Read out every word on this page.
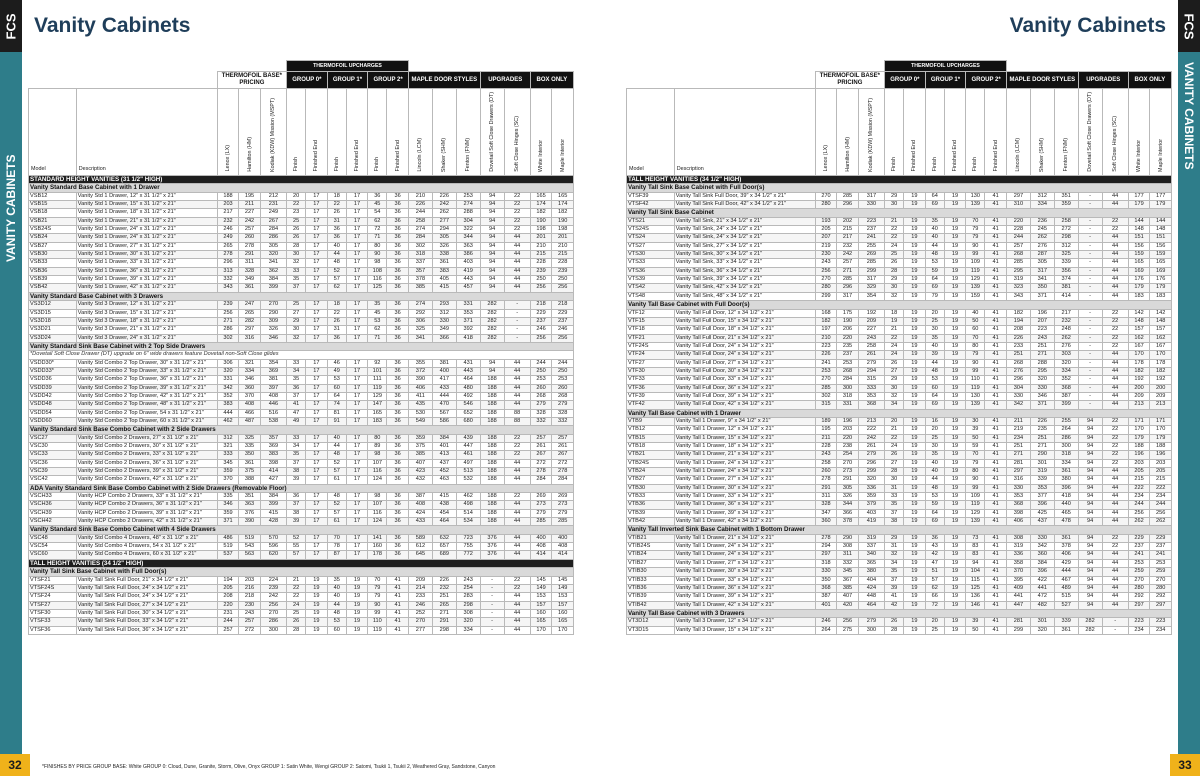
FCS
VANITY CABINETS
32
Vanity Cabinets
					THERMOFOIL UPCHARGES												
		THERMOFOIL BASE* PRICING			GROUP 0*		GROUP 1*		GROUP 2*		MAPLE DOOR STYLES			UPGRADES		BOX ONLY	
Model	Description	Lenox (LX)	Hamilton (HM)	Kodiak (KDW) Mission (MSPT)	Finish	Finished End	Finish	Finished End	Finish	Finished End	Lincoln (LCM)	Shaker (SHM)	Fenton (FNM)	Dovetail Soft Close Drawers (DT)	Soft Close Hinges (SC)	White Interior	Maple Interior
STANDARD HEIGHT VANITIES (31 1/2" HIGH)																	
Vanity Standard Base Cabinet with 1 Drawer																	
VSB12	Vanity Std 1 Drawer, 12" x 31 1/2" x 21"	188	195	212	20	17	18	17	36	36	210	226	253	94	22	165	165
VSB15	Vanity Std 1 Drawer, 15" x 31 1/2" x 21"	203	211	231	22	17	22	17	45	36	226	242	274	94	22	174	174
VSB18	Vanity Std 1 Drawer, 18" x 31 1/2" x 21"	217	227	249	23	17	26	17	54	36	244	262	288	94	22	182	182
VSB21	Vanity Std 1 Drawer, 21" x 31 1/2" x 21"	232	242	267	25	17	31	17	62	36	258	277	304	94	22	190	190
VSB24S	Vanity Std 1 Drawer, 24" x 31 1/2" x 21"	246	257	284	26	17	36	17	72	36	274	294	322	94	22	198	198
VSB24	Vanity Std 1 Drawer, 24" x 31 1/2" x 21"	249	260	286	26	17	36	17	71	36	284	305	344	94	44	201	201
VSB27	Vanity Std 1 Drawer, 27" x 31 1/2" x 21"	265	278	305	28	17	40	17	80	36	302	326	363	94	44	210	210
VSB30	Vanity Std 1 Drawer, 30" x 31 1/2" x 21"	278	291	320	30	17	44	17	90	36	318	338	386	94	44	215	215
VSB33	Vanity Std 1 Drawer, 33" x 31 1/2" x 21"	296	311	341	32	17	48	17	98	36	337	361	403	94	44	228	228
VSB36	Vanity Std 1 Drawer, 36" x 31 1/2" x 21"	313	328	362	33	17	52	17	108	36	357	383	419	94	44	239	239
VSB39	Vanity Std 1 Drawer, 39" x 31 1/2" x 21"	332	349	384	35	17	57	17	116	36	378	405	443	94	44	250	250
VSB42	Vanity Std 1 Drawer, 42" x 31 1/2" x 21"	343	361	399	37	17	62	17	125	36	385	415	457	94	44	256	256
Vanity Standard Base Cabinet with 3 Drawers																	
VS3D12	Vanity Std 3 Drawer, 12" x 31 1/2" x 21"	239	247	270	25	17	18	17	35	36	274	293	331	282	-	218	218
VS3D15	Vanity Std 3 Drawer, 15" x 31 1/2" x 21"	256	265	290	27	17	22	17	45	36	292	312	353	282	-	229	229
VS3D18	Vanity Std 3 Drawer, 18" x 31 1/2" x 21"	271	282	309	29	17	26	17	53	36	306	330	371	282	-	237	237
VS3D21	Vanity Std 3 Drawer, 21" x 31 1/2" x 21"	286	297	326	30	17	31	17	62	36	325	349	392	282	-	246	246
VS3D24	Vanity Std 3 Drawer, 24" x 31 1/2" x 21"	302	316	346	32	17	36	17	71	36	341	366	418	282	-	256	256
Vanity Standard Sink Base Cabinet with 2 Top Side Drawers																	
*Dovetail Soft Close Drawer (DT) upgrade on 6" wide drawers feature Dovetail non-Soft Close glides																	
VSDD30*	Vanity Std Combo 2 Top Drawer, 30" x 31 1/2" x 21"	306	321	354	33	17	46	17	92	36	355	381	431	94	44	244	244
VSDD33*	Vanity Std Combo 2 Top Drawer, 33" x 31 1/2" x 21"	320	334	369	34	17	49	17	101	36	372	400	443	94	44	250	250
VSDD36	Vanity Std Combo 2 Top Drawer, 36" x 31 1/2" x 21"	331	346	381	35	17	53	17	111	36	390	417	464	188	44	253	253
VSDD39	Vanity Std Combo 2 Top Drawer, 39" x 31 1/2" x 21"	342	360	397	36	17	60	17	119	36	406	433	480	188	44	260	260
VSDD42	Vanity Std Combo 2 Top Drawer, 42" x 31 1/2" x 21"	352	370	408	37	17	64	17	129	36	411	444	492	188	44	268	268
VSDD48	Vanity Std Combo 2 Top Drawer, 48" x 31 1/2" x 21"	383	408	446	41	17	74	17	147	36	435	470	546	188	44	279	279
VSDD54	Vanity Std Combo 2 Top Drawer, 54 x 31 1/2" x 21"	444	466	516	47	17	81	17	165	36	530	567	652	188	88	328	328
VSDD60	Vanity Std Combo 2 Top Drawer, 60 x 31 1/2" x 21"	462	487	538	49	17	91	17	183	36	549	586	680	188	88	332	332
Vanity Standard Sink Base Combo Cabinet with 2 Side Drawers																	
VSC27	Vanity Std Combo 2 Drawers, 27" x 31 1/2" x 21"	312	325	357	33	17	40	17	80	36	359	384	439	188	22	257	257
VSC30	Vanity Std Combo 2 Drawers, 30" x 31 1/2" x 21"	321	335	369	34	17	44	17	89	36	375	401	447	188	22	261	261
VSC33	Vanity Std Combo 2 Drawers, 33" x 31 1/2" x 21"	333	350	383	35	17	48	17	98	36	385	413	461	188	22	267	267
VSC36	Vanity Std Combo 2 Drawers, 36" x 31 1/2" x 21"	345	361	398	37	17	52	17	107	36	407	437	497	188	44	272	272
VSC39	Vanity Std Combo 2 Drawers, 39" x 31 1/2" x 21"	359	375	414	38	17	57	17	116	36	423	452	513	188	44	278	278
VSC42	Vanity Std Combo 2 Drawers, 42" x 31 1/2" x 21"	370	388	427	39	17	61	17	124	36	432	463	532	188	44	284	284
ADA Vanity Standard Sink Base Combo Cabinet with 2 Side Drawers (Removable Floor)																	
VSCH33	Vanity HCP Combo 2 Drawers, 33" x 31 1/2" x 21"	335	351	384	36	17	48	17	98	36	387	415	462	188	22	269	269
VSCH36	Vanity HCP Combo 2 Drawers, 36" x 31 1/2" x 21"	346	363	399	37	17	52	17	107	36	408	438	498	188	44	273	273
VSCH39	Vanity HCP Combo 2 Drawers, 39" x 31 1/2" x 21"	359	376	415	38	17	57	17	116	36	424	454	514	188	44	279	279
VSCH42	Vanity HCP Combo 2 Drawers, 42" x 31 1/2" x 21"	371	390	428	39	17	61	17	124	36	433	464	534	188	44	285	285
Vanity Standard Sink Base Combo Cabinet with 4 Side Drawers																	
VSC48	Vanity Std Combo 4 Drawers, 48" x 31 1/2" x 21"	486	519	570	52	17	70	17	141	36	589	632	723	376	44	400	400
VSC54	Vanity Std Combo 4 Drawers, 54 x 31 1/2" x 21"	519	543	596	55	17	78	17	160	36	612	657	755	376	44	408	408
VSC60	Vanity Std Combo 4 Drawers, 60 x 31 1/2" x 21"	537	563	620	57	17	87	17	178	36	645	689	772	376	44	414	414
TALL HEIGHT VANITIES (34 1/2" HIGH)																	
Vanity Tall Sink Base Cabinet with Full Door(s)																	
VTSF21	Vanity Tall Sink Full Door, 21" x 34 1/2" x 21"	194	203	224	21	19	35	19	70	41	209	226	243	-	22	145	145
VTSF24S	Vanity Tall Sink Full Door, 24" x 34 1/2" x 21"	205	216	239	22	19	40	19	79	41	214	232	254	-	22	149	149
VTSF24	Vanity Tall Sink Full Door, 24" x 34 1/2" x 21"	208	218	242	22	19	40	19	79	41	233	251	283	-	44	153	153
VTSF27	Vanity Tall Sink Full Door, 27" x 34 1/2" x 21"	220	230	256	24	19	44	19	90	41	246	265	298	-	44	157	157
VTSF30	Vanity Tall Sink Full Door, 30" x 34 1/2" x 21"	231	243	270	25	19	48	19	99	41	252	271	308	-	44	160	160
VTSF33	Vanity Tall Sink Full Door, 33" x 34 1/2" x 21"	244	257	286	26	19	53	19	110	41	270	291	320	-	44	165	165
VTSF36	Vanity Tall Sink Full Door, 36" x 34 1/2" x 21"	257	272	300	28	19	60	19	119	41	277	298	334	-	44	170	170
*FINISHES BY PRICE GROUP BASE: White GROUP 0: Cloud, Dune, Granite, Storm, Olive, Onyx GROUP 1: Satin White, Wengi GROUP 2: Satomi, Tsukii 1, Tsukii 2, Weathered Gray, Sandstone, Canyon
FCS
VANITY CABINETS
33
Vanity Cabinets
					THERMOFOIL UPCHARGES												
		THERMOFOIL BASE* PRICING			GROUP 0*		GROUP 1*		GROUP 2*		MAPLE DOOR STYLES			UPGRADES		BOX ONLY	
Model	Description	Lenox (LX)	Hamilton (HM)	Kodiak (KDW) Mission (MSPT)	Finish	Finished End	Finish	Finished End	Finish	Finished End	Lincoln (LCM)	Shaker (SHM)	Fenton (FNM)	Dovetail Soft Close Drawers (DT)	Soft Close Hinges (SC)	White Interior	Maple Interior
TALL HEIGHT VANITIES (34 1/2" HIGH)																	
Vanity Tall Sink Base Cabinet with Full Door(s)																	
VTSF39	Vanity Tall Sink Full Door, 39" x 34 1/2" x 21"	270	285	317	29	19	64	19	130	41	297	312	351	-	44	177	177
VTSF42	Vanity Tall Sink Full Door, 42" x 34 1/2" x 21"	280	296	330	30	19	69	19	139	41	310	334	359	-	44	179	179
Vanity Tall Sink Base Cabinet																	
VTS21	Vanity Tall Sink, 21" x 34 1/2" x 21"	193	202	223	21	19	35	19	70	41	220	236	258	-	22	144	144
VTS24S	Vanity Tall Sink, 24" x 34 1/2" x 21"	205	215	237	22	19	40	19	79	41	228	245	272	-	22	148	148
VTS24	Vanity Tall Sink, 24" x 34 1/2" x 21"	207	217	241	22	19	40	19	79	41	244	262	298	-	44	151	151
VTS27	Vanity Tall Sink, 27" x 34 1/2" x 21"	219	232	255	24	19	44	19	90	41	257	276	312	-	44	156	156
VTS30	Vanity Tall Sink, 30" x 34 1/2" x 21"	230	242	269	25	19	48	19	99	41	268	287	325	-	44	159	159
VTS33	Vanity Tall Sink, 33" x 34 1/2" x 21"	243	257	285	26	19	53	19	109	41	285	305	339	-	44	165	165
VTS36	Vanity Tall Sink, 36" x 34 1/2" x 21"	256	271	299	28	19	59	19	119	41	295	317	356	-	44	169	169
VTS39	Vanity Tall Sink, 39" x 34 1/2" x 21"	270	285	317	29	19	64	19	129	41	319	341	374	-	44	176	176
VTS42	Vanity Tall Sink, 42" x 34 1/2" x 21"	280	296	329	30	19	69	19	139	41	323	350	381	-	44	179	179
VTS48	Vanity Tall Sink, 48" x 34 1/2" x 21"	299	317	354	32	19	79	19	159	41	343	371	414	-	44	183	183
Vanity Tall Base Cabinet with Full Door(s)																	
VTF12	Vanity Tall Full Door, 12" x 34 1/2" x 21"	168	175	192	18	19	20	19	40	41	182	196	217	-	22	142	142
VTF15	Vanity Tall Full Door, 15" x 34 1/2" x 21"	182	190	209	19	19	25	19	50	41	194	207	232	-	22	148	148
VTF18	Vanity Tall Full Door, 18" x 34 1/2" x 21"	197	206	227	21	19	30	19	60	41	208	223	248	-	22	157	157
VTF21	Vanity Tall Full Door, 21" x 34 1/2" x 21"	210	220	243	22	19	35	19	70	41	226	243	262	-	22	162	162
VTF24S	Vanity Tall Full Door, 24" x 34 1/2" x 21"	223	235	258	24	19	40	19	80	41	233	251	276	-	22	167	167
VTF24	Vanity Tall Full Door, 24" x 34 1/2" x 21"	226	237	261	24	19	39	19	79	41	251	271	303	-	44	170	170
VTF27	Vanity Tall Full Door, 27" x 34 1/2" x 21"	241	253	279	26	19	44	19	90	41	268	288	320	-	44	178	178
VTF30	Vanity Tall Full Door, 30" x 34 1/2" x 21"	253	268	294	27	19	48	19	99	41	276	295	334	-	44	182	182
VTF33	Vanity Tall Full Door, 33" x 34 1/2" x 21"	270	284	315	29	19	53	19	110	41	296	320	352	-	44	192	192
VTF36	Vanity Tall Full Door, 36" x 34 1/2" x 21"	285	300	333	30	19	60	19	119	41	304	330	368	-	44	200	200
VTF39	Vanity Tall Full Door, 39" x 34 1/2" x 21"	302	318	353	32	19	64	19	130	41	330	346	387	-	44	209	209
VTF42	Vanity Tall Full Door, 42" x 34 1/2" x 21"	315	331	368	34	19	69	19	139	41	342	371	399	-	44	213	213
Vanity Tall Base Cabinet with 1 Drawer																	
VTB9	Vanity Tall 1 Drawer, 9" x 34 1/2" x 21"	189	196	213	20	19	16	19	30	41	211	226	255	94	22	171	171
VTB12	Vanity Tall 1 Drawer, 12" x 34 1/2" x 21"	195	203	222	21	19	20	19	39	41	219	235	264	94	22	170	170
VTB15	Vanity Tall 1 Drawer, 15" x 34 1/2" x 21"	211	220	242	22	19	25	19	50	41	234	251	286	94	22	179	179
VTB18	Vanity Tall 1 Drawer, 18" x 34 1/2" x 21"	228	238	261	24	19	30	19	59	41	251	271	300	94	22	188	188
VTB21	Vanity Tall 1 Drawer, 21" x 34 1/2" x 21"	243	254	279	26	19	35	19	70	41	271	290	318	94	22	196	196
VTB24S	Vanity Tall 1 Drawer, 24" x 34 1/2" x 21"	258	270	296	27	19	40	19	79	41	281	301	334	94	22	203	203
VTB24	Vanity Tall 1 Drawer, 24" x 34 1/2" x 21"	260	273	299	28	19	40	19	80	41	297	319	361	94	44	205	205
VTB27	Vanity Tall 1 Drawer, 27" x 34 1/2" x 21"	278	291	320	30	19	44	19	90	41	316	339	380	94	44	215	215
VTB30	Vanity Tall 1 Drawer, 30" x 34 1/2" x 21"	291	305	336	31	19	48	19	99	41	330	353	396	94	44	222	222
VTB33	Vanity Tall 1 Drawer, 33" x 34 1/2" x 21"	311	326	359	33	19	53	19	109	41	353	377	418	94	44	234	234
VTB36	Vanity Tall 1 Drawer, 36" x 34 1/2" x 21"	328	344	379	35	19	59	19	119	41	368	396	440	94	44	244	244
VTB39	Vanity Tall 1 Drawer, 39" x 34 1/2" x 21"	347	366	403	37	19	64	19	129	41	398	425	465	94	44	256	256
VTB42	Vanity Tall 1 Drawer, 42" x 34 1/2" x 21"	360	378	419	38	19	69	19	139	41	406	437	478	94	44	262	262
Vanity Tall Inverted Sink Base Cabinet with 1 Bottom Drawer																	
VTIB21	Vanity Tall 1 Drawer, 21" x 34 1/2" x 21"	278	290	319	29	19	36	19	73	41	308	330	361	94	22	229	229
VTIB24S	Vanity Tall 1 Drawer, 24" x 34 1/2" x 21"	294	308	337	31	19	43	19	83	41	319	342	378	94	22	237	237
VTIB24	Vanity Tall 1 Drawer, 24" x 34 1/2" x 21"	297	311	340	32	19	42	19	83	41	336	360	406	94	44	241	241
VTIB27	Vanity Tall 1 Drawer, 27" x 34 1/2" x 21"	318	332	365	34	19	47	19	94	41	358	384	429	94	44	253	253
VTIB30	Vanity Tall 1 Drawer, 30" x 34 1/2" x 21"	330	345	380	35	19	51	19	104	41	370	396	444	94	44	259	259
VTIB33	Vanity Tall 1 Drawer, 33" x 34 1/2" x 21"	350	367	404	37	19	57	19	115	41	395	422	467	94	44	270	270
VTIB36	Vanity Tall 1 Drawer, 36" x 34 1/2" x 21"	368	385	424	39	19	62	19	125	41	409	441	489	94	44	280	280
VTIB39	Vanity Tall 1 Drawer, 39" x 34 1/2" x 21"	387	407	448	41	19	66	19	136	41	441	472	515	94	44	292	292
VTIB42	Vanity Tall 1 Drawer, 42" x 34 1/2" x 21"	401	420	464	42	19	72	19	146	41	447	482	527	94	44	297	297
Vanity Tall Base Cabinet with 3 Drawers																	
VT3D12	Vanity Tall 3 Drawer, 12" x 34 1/2" x 21"	246	256	279	26	19	20	19	39	41	281	301	339	282	-	223	223
VT3D15	Vanity Tall 3 Drawer, 15" x 34 1/2" x 21"	264	275	300	28	19	25	19	50	41	299	320	361	282	-	234	234
